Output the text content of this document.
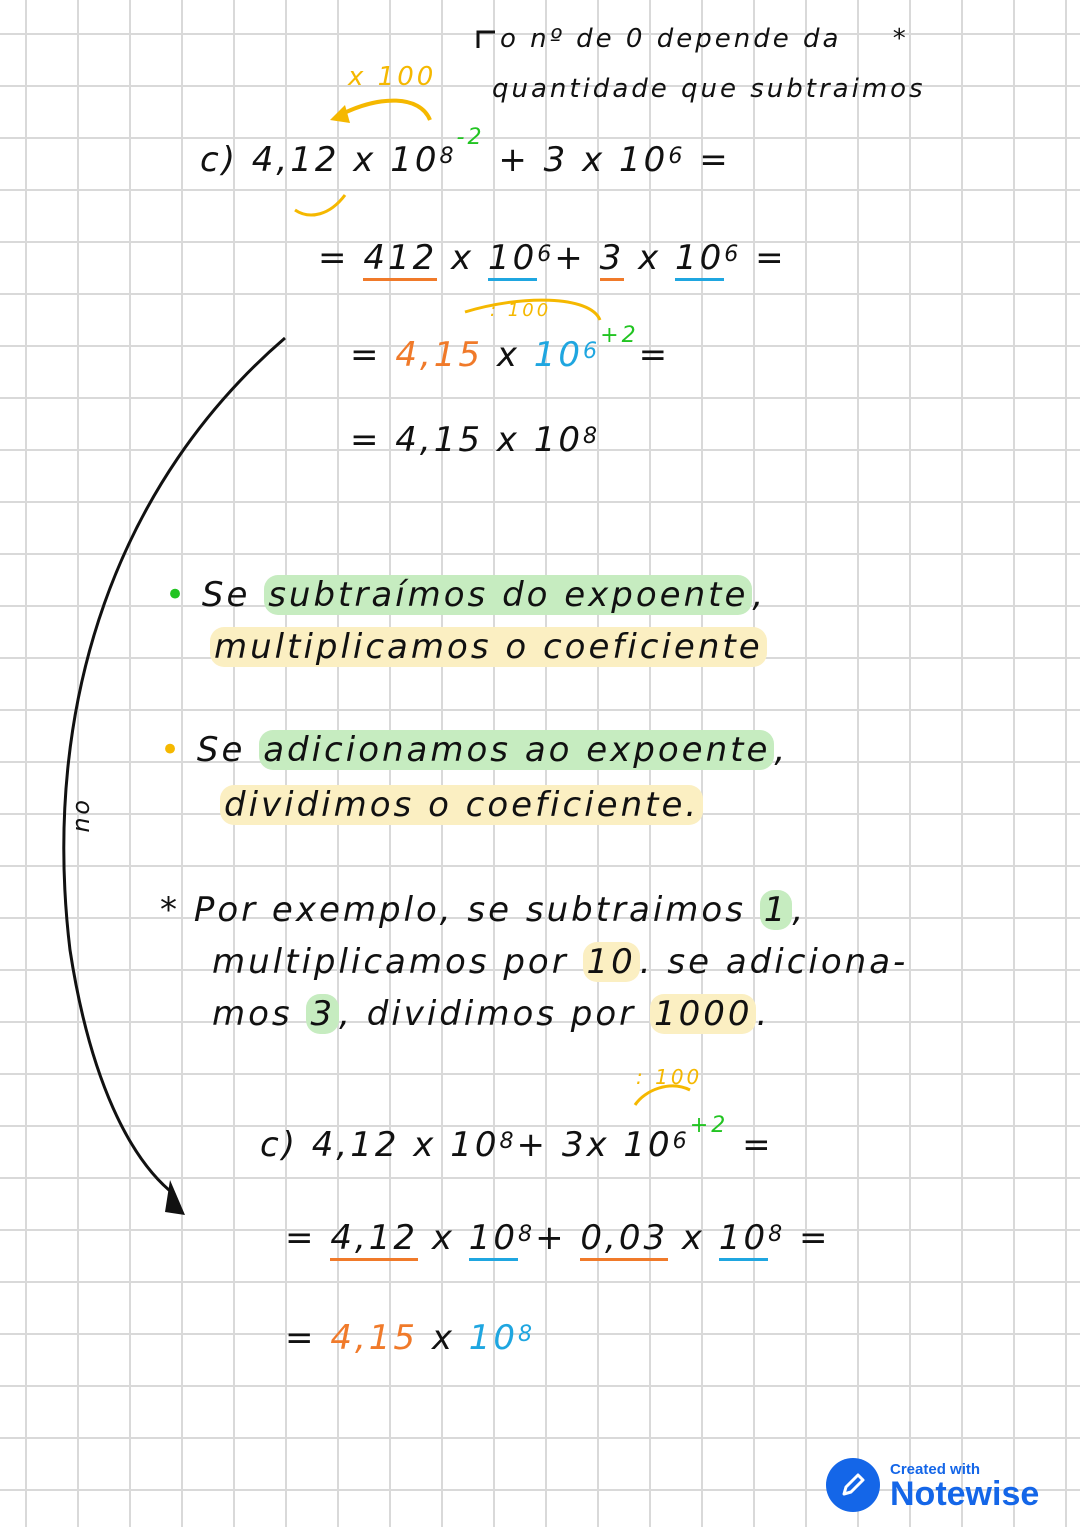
o nº de 0 depende da *
quantidade que subtraimos
x 100
c) 4,12 x $10^{8-2} + 3$ x $10^6$ =
= 412 x $10^6+ 3$ x $10^6$ =
: 100
= 4,15 x $10^{6+2}=$
= 4,15 x $10^8$
• Se subtraímos do expoente ,
multiplicamos o coeficiente
• Se adicionamos ao expoente ,
dividimos o coeficiente.
ou
* Por exemplo, se subtraimos 1 ,
multiplicamos por 10 . se adiciona-
mos 3 , dividimos por 1000 .
: 100
c) 4,12 x $10^8+ 3x$ $10^{6+2}$ =
= 4,12 x $10^8+ 0,03$ x $10^8$ =
= 4,15 x $10^8$
Created with
Notewise
